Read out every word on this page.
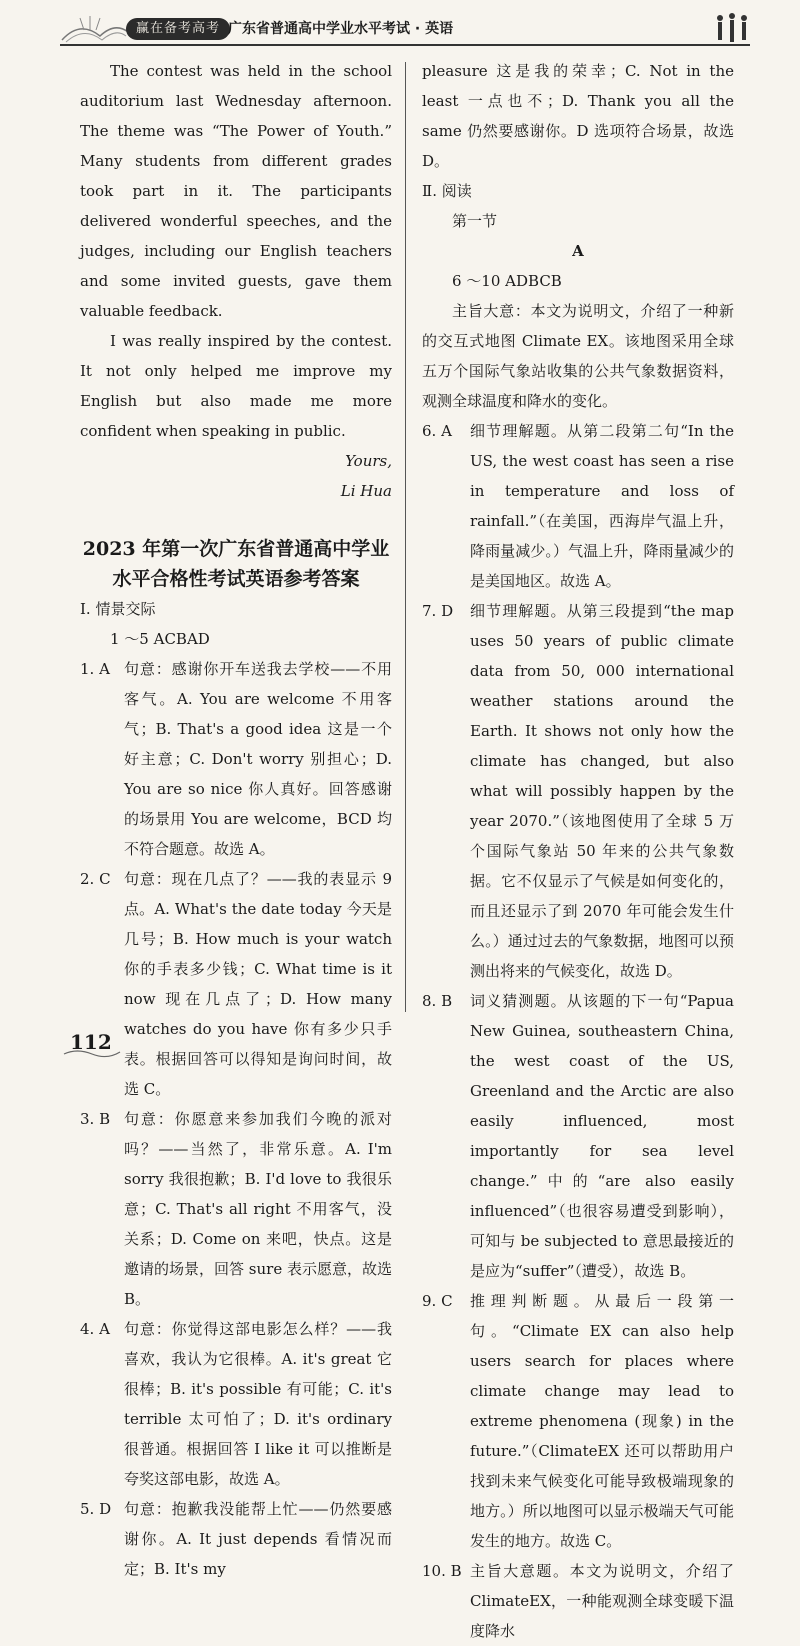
赢在备考高考 广东省普通高中学业水平考试 · 英语

The contest was held in the school auditorium last Wednesday afternoon. The theme was “The Power of Youth.” Many students from different grades took part in it. The participants delivered wonderful speeches, and the judges, including our English teachers and some invited guests, gave them valuable feedback.

I was really inspired by the contest. It not only helped me improve my English but also made me more confident when speaking in public.

Yours,

Li Hua

2023 年第一次广东省普通高中学业
水平合格性考试英语参考答案

Ⅰ. 情景交际

1 ～5 ACBAD

1. A 句意：感谢你开车送我去学校——不用客气。A. You are welcome 不用客气；B. That's a good idea 这是一个好主意；C. Don't worry 别担心；D. You are so nice 你人真好。回答感谢的场景用 You are welcome，BCD 均不符合题意。故选 A。
2. C 句意：现在几点了？——我的表显示 9 点。A. What's the date today 今天是几号；B. How much is your watch 你的手表多少钱；C. What time is it now 现在几点了；D. How many watches do you have 你有多少只手表。根据回答可以得知是询问时间，故选 C。
3. B 句意：你愿意来参加我们今晚的派对吗？——当然了，非常乐意。A. I'm sorry 我很抱歉；B. I'd love to 我很乐意；C. That's all right 不用客气，没关系；D. Come on 来吧，快点。这是邀请的场景，回答 sure 表示愿意，故选 B。
4. A 句意：你觉得这部电影怎么样？——我喜欢，我认为它很棒。A. it's great 它很棒；B. it's possible 有可能；C. it's terrible 太可怕了；D. it's ordinary 很普通。根据回答 I like it 可以推断是夸奖这部电影，故选 A。
5. D 句意：抱歉我没能帮上忙——仍然要感谢你。A. It just depends 看情况而定；B. It's my

pleasure 这是我的荣幸；C. Not in the least 一点也不；D. Thank you all the same 仍然要感谢你。D 选项符合场景，故选 D。

Ⅱ. 阅读

第一节

A

6 ～10 ADBCB

主旨大意：本文为说明文，介绍了一种新的交互式地图 Climate EX。该地图采用全球五万个国际气象站收集的公共气象数据资料，观测全球温度和降水的变化。

6. A	细节理解题。从第二段第二句“In the US, the west coast has seen a rise in temperature and loss of rainfall.”（在美国，西海岸气温上升，降雨量减少。）气温上升，降雨量减少的是美国地区。故选 A。
7. D	细节理解题。从第三段提到“the map uses 50 years of public climate data from 50, 000 international weather stations around the Earth. It shows not only how the climate has changed, but also what will possibly happen by the year 2070.”（该地图使用了全球 5 万个国际气象站 50 年来的公共气象数据。它不仅显示了气候是如何变化的，而且还显示了到 2070 年可能会发生什么。）通过过去的气象数据，地图可以预测出将来的气候变化，故选 D。
8. B	词义猜测题。从该题的下一句“Papua New Guinea, southeastern China, the west coast of the US, Greenland and the Arctic are also easily influenced, most importantly for sea level change.”中的“are also easily influenced”（也很容易遭受到影响），可知与 be subjected to 意思最接近的是应为“suffer”（遭受），故选 B。
9. C	推理判断题。从最后一段第一句。“Climate EX can also help users search for places where climate change may lead to extreme phenomena (现象) in the future.”（ClimateEX 还可以帮助用户找到未来气候变化可能导致极端现象的地方。）所以地图可以显示极端天气可能发生的地方。故选 C。
10. B 主旨大意题。本文为说明文，介绍了 ClimateEX，一种能观测全球变暖下温度降水
112
